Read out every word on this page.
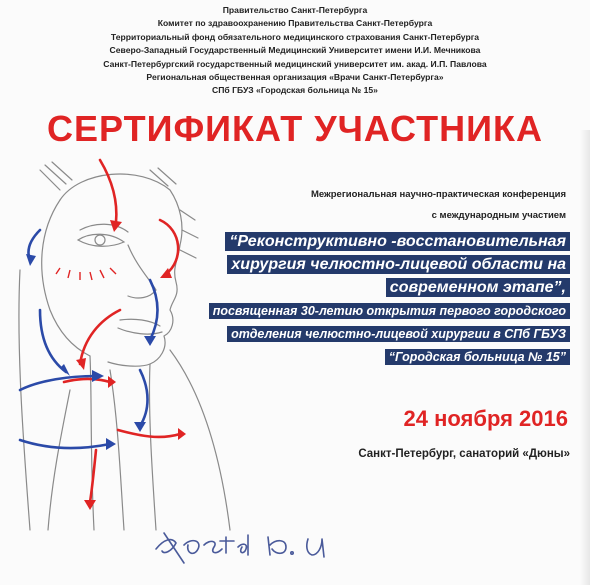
Правительство Санкт-Петербурга
Комитет по здравоохранению Правительства Санкт-Петербурга
Территориальный фонд обязательного медицинского страхования Санкт-Петербурга
Северо-Западный Государственный Медицинский Университет имени И.И. Мечникова
Санкт-Петербургский государственный медицинский университет им. акад. И.П. Павлова
Региональная общественная организация «Врачи Санкт-Петербурга»
СПб ГБУЗ «Городская больница № 15»
СЕРТИФИКАТ УЧАСТНИКА
Межрегиональная научно-практическая конференция
с международным участием
“Реконструктивно -восстановительная
хирургия челюстно-лицевой области на
современном этапе”,
посвященная 30-летию открытия первого городского
отделения челюстно-лицевой хирургии в СПб ГБУЗ
“Городская больница № 15”
24 ноября 2016
Санкт-Петербург, санаторий «Дюны»
